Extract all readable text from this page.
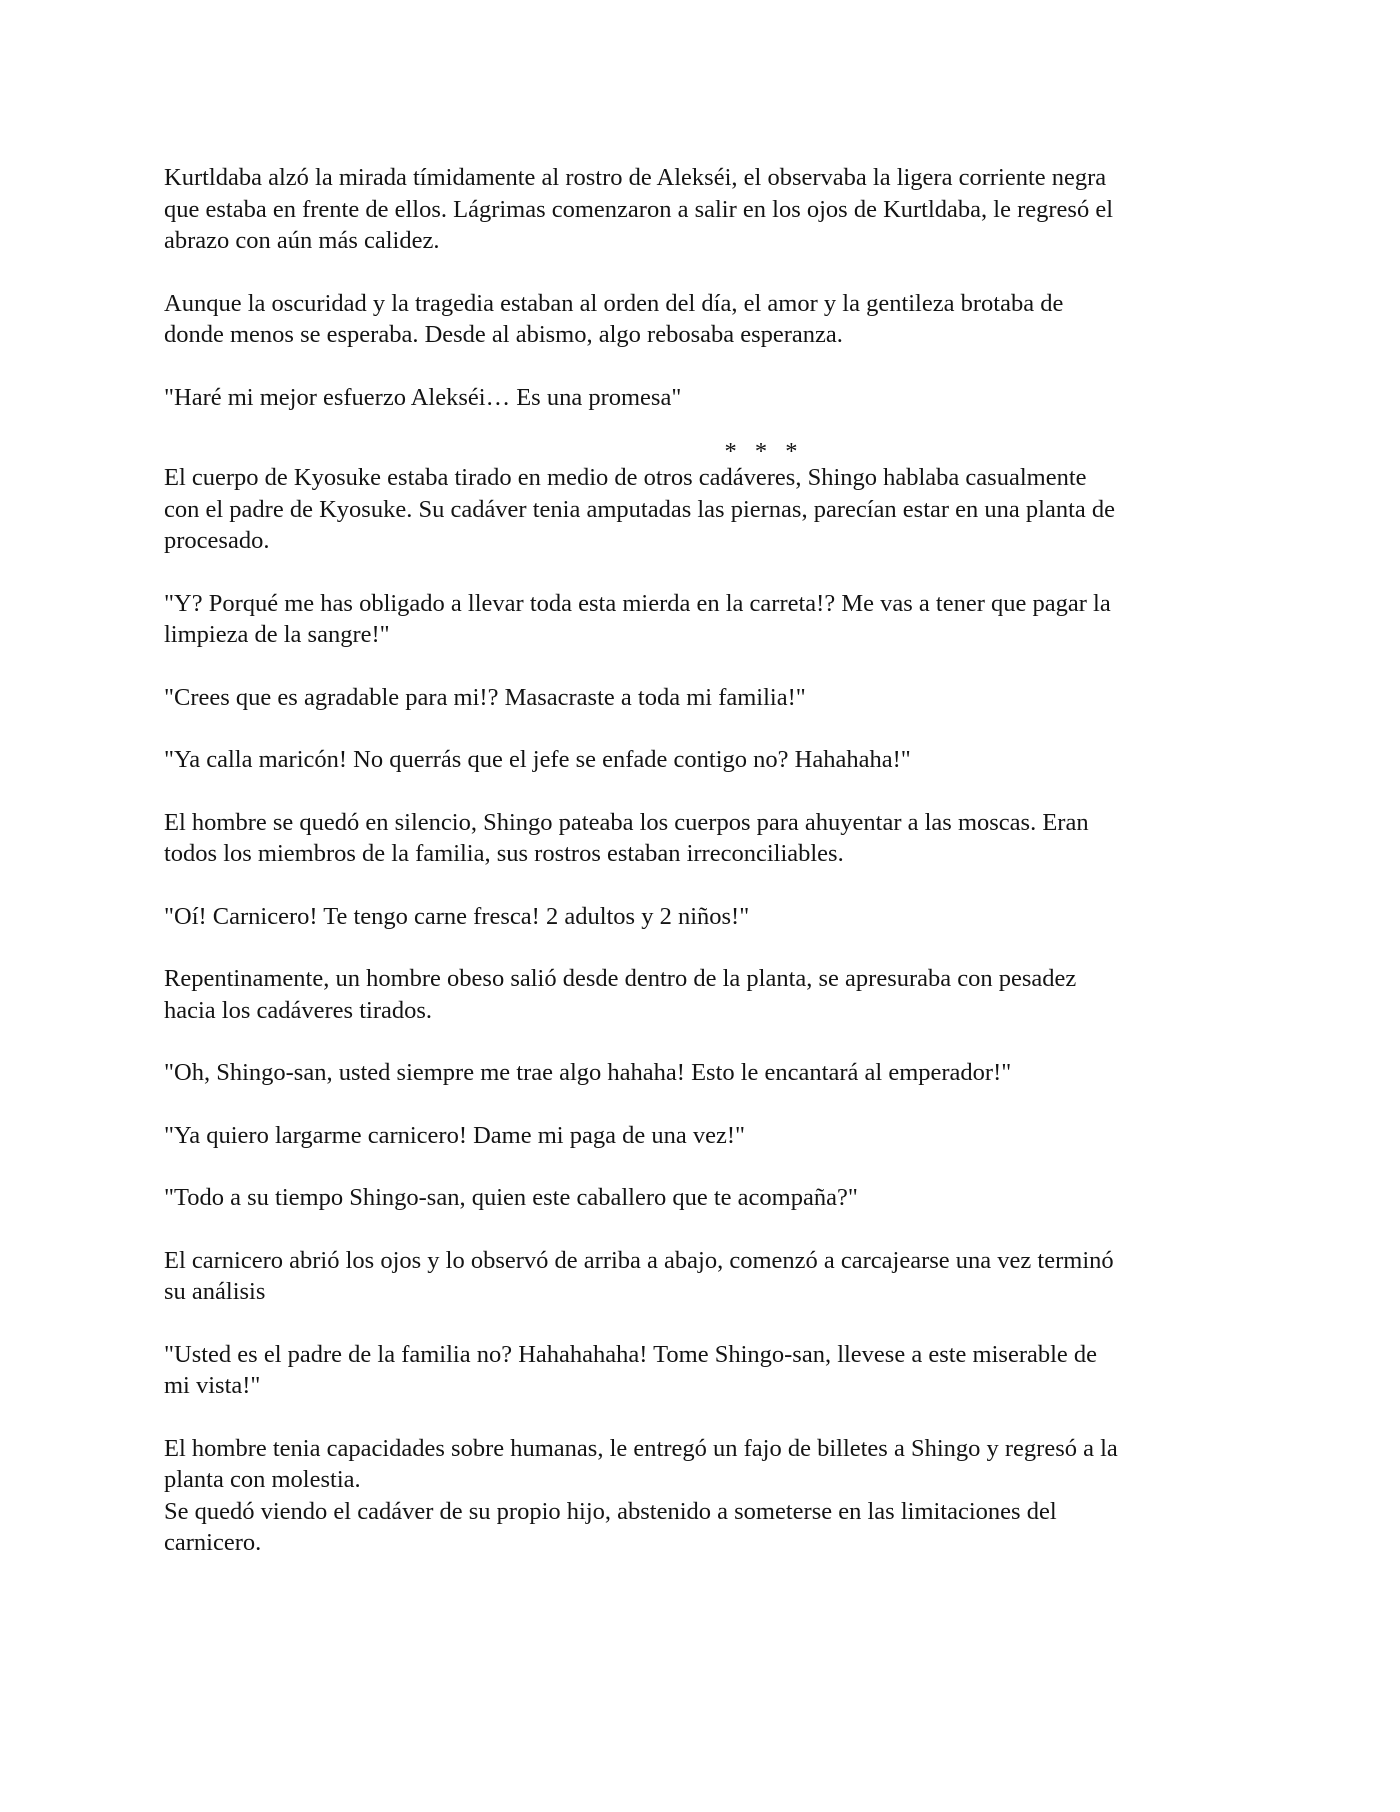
Kurtldaba alzó la mirada tímidamente al rostro de Alekséi, el observaba la ligera corriente negra
que estaba en frente de ellos. Lágrimas comenzaron a salir en los ojos de Kurtldaba, le regresó el
abrazo con aún más calidez.

Aunque la oscuridad y la tragedia estaban al orden del día, el amor y la gentileza brotaba de
donde menos se esperaba. Desde al abismo, algo rebosaba esperanza.

"Haré mi mejor esfuerzo Alekséi… Es una promesa"

* * *

El cuerpo de Kyosuke estaba tirado en medio de otros cadáveres, Shingo hablaba casualmente
con el padre de Kyosuke. Su cadáver tenia amputadas las piernas, parecían estar en una planta de
procesado.

"Y? Porqué me has obligado a llevar toda esta mierda en la carreta!? Me vas a tener que pagar la
limpieza de la sangre!"

"Crees que es agradable para mi!? Masacraste a toda mi familia!"

"Ya calla maricón! No querrás que el jefe se enfade contigo no? Hahahaha!"

El hombre se quedó en silencio, Shingo pateaba los cuerpos para ahuyentar a las moscas. Eran
todos los miembros de la familia, sus rostros estaban irreconciliables.

"Oí! Carnicero! Te tengo carne fresca! 2 adultos y 2 niños!"

Repentinamente, un hombre obeso salió desde dentro de la planta, se apresuraba con pesadez
hacia los cadáveres tirados.

"Oh, Shingo-san, usted siempre me trae algo hahaha! Esto le encantará al emperador!"

"Ya quiero largarme carnicero! Dame mi paga de una vez!"

"Todo a su tiempo Shingo-san, quien este caballero que te acompaña?"

El carnicero abrió los ojos y lo observó de arriba a abajo, comenzó a carcajearse una vez terminó
su análisis

"Usted es el padre de la familia no? Hahahahaha! Tome Shingo-san, llevese a este miserable de
mi vista!"

El hombre tenia capacidades sobre humanas, le entregó un fajo de billetes a Shingo y regresó a la
planta con molestia.
Se quedó viendo el cadáver de su propio hijo, abstenido a someterse en las limitaciones del
carnicero.
